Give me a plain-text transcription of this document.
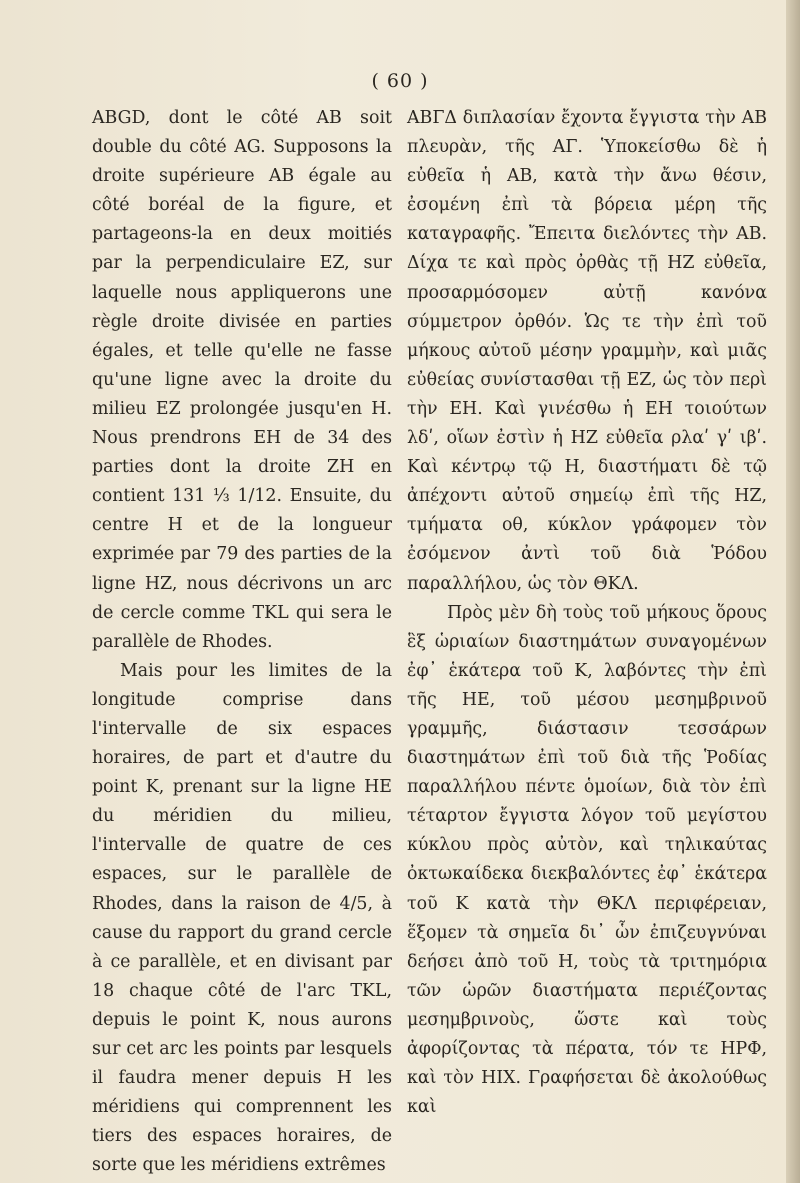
( 60 )

ABGD, dont le côté AB soit double du côté AG. Supposons la droite supérieure AB égale au côté boréal de la figure, et partageons-la en deux moitiés par la perpendiculaire EZ, sur laquelle nous appliquerons une règle droite divisée en parties égales, et telle qu'elle ne fasse qu'une ligne avec la droite du milieu EZ prolongée jusqu'en H. Nous prendrons EH de 34 des parties dont la droite ZH en contient 131 ⅓ 1/12. Ensuite, du centre H et de la longueur exprimée par 79 des parties de la ligne HZ, nous décrivons un arc de cercle comme TKL qui sera le parallèle de Rhodes.

Mais pour les limites de la longitude comprise dans l'intervalle de six espaces horaires, de part et d'autre du point K, prenant sur la ligne HE du méridien du milieu, l'intervalle de quatre de ces espaces, sur le parallèle de Rhodes, dans la raison de 4/5, à cause du rapport du grand cercle à ce parallèle, et en divisant par 18 chaque côté de l'arc TKL, depuis le point K, nous aurons sur cet arc les points par lesquels il faudra mener depuis H les méridiens qui comprennent les tiers des espaces horaires, de sorte que les méridiens extrêmes

ΑΒΓΔ διπλασίαν ἔχοντα ἔγγιστα τὴν ΑΒ πλευρὰν, τῆς ΑΓ. Ὑποκείσθω δὲ ἡ εὐθεῖα ἡ ΑΒ, κατὰ τὴν ἄνω θέσιν, ἐσομένη ἐπὶ τὰ βόρεια μέρη τῆς καταγραφῆς. Ἔπειτα διελόντες τὴν ΑΒ. Δίχα τε καὶ πρὸς ὀρθὰς τῇ ΗΖ εὐθεῖα, προσαρμόσομεν αὐτῇ κανόνα σύμμετρον ὀρθόν. Ὡς τε τὴν ἐπὶ τοῦ μήκους αὐτοῦ μέσην γραμμὴν, καὶ μιᾶς εὐθείας συνίστασθαι τῇ ΕΖ, ὡς τὸν περὶ τὴν ΕΗ. Καὶ γινέσθω ἡ ΕΗ τοιούτων λδʹ, οἵων ἐστὶν ἡ ΗΖ εὐθεῖα ρλαʹ γʹ ιβʹ. Καὶ κέντρῳ τῷ Η, διαστήματι δὲ τῷ ἀπέχοντι αὐτοῦ σημείῳ ἐπὶ τῆς ΗΖ, τμήματα οθ, κύκλον γράφομεν τὸν ἐσόμενον ἀντὶ τοῦ διὰ Ῥόδου παραλλήλου, ὡς τὸν ΘΚΛ.

Πρὸς μὲν δὴ τοὺς τοῦ μήκους ὅρους ἓξ ὡριαίων διαστημάτων συναγομένων ἐφ᾽ ἑκάτερα τοῦ Κ, λαβόντες τὴν ἐπὶ τῆς ΗΕ, τοῦ μέσου μεσημβρινοῦ γραμμῆς, διάστασιν τεσσάρων διαστημάτων ἐπὶ τοῦ διὰ τῆς Ῥοδίας παραλλήλου πέντε ὁμοίων, διὰ τὸν ἐπὶ τέταρτον ἔγγιστα λόγον τοῦ μεγίστου κύκλου πρὸς αὐτὸν, καὶ τηλικαύτας ὀκτωκαίδεκα διεκβαλόντες ἐφ᾽ ἑκάτερα τοῦ Κ κατὰ τὴν ΘΚΛ περιφέρειαν, ἕξομεν τὰ σημεῖα δι᾽ ὧν ἐπιζευγνύναι δεήσει ἀπὸ τοῦ Η, τοὺς τὰ τριτημόρια τῶν ὡρῶν διαστήματα περιέζοντας μεσημβρινοὺς, ὥστε καὶ τοὺς ἀφορίζοντας τὰ πέρατα, τόν τε ΗΡΦ, καὶ τὸν ΗΙΧ. Γραφήσεται δὲ ἀκολούθως καὶ
